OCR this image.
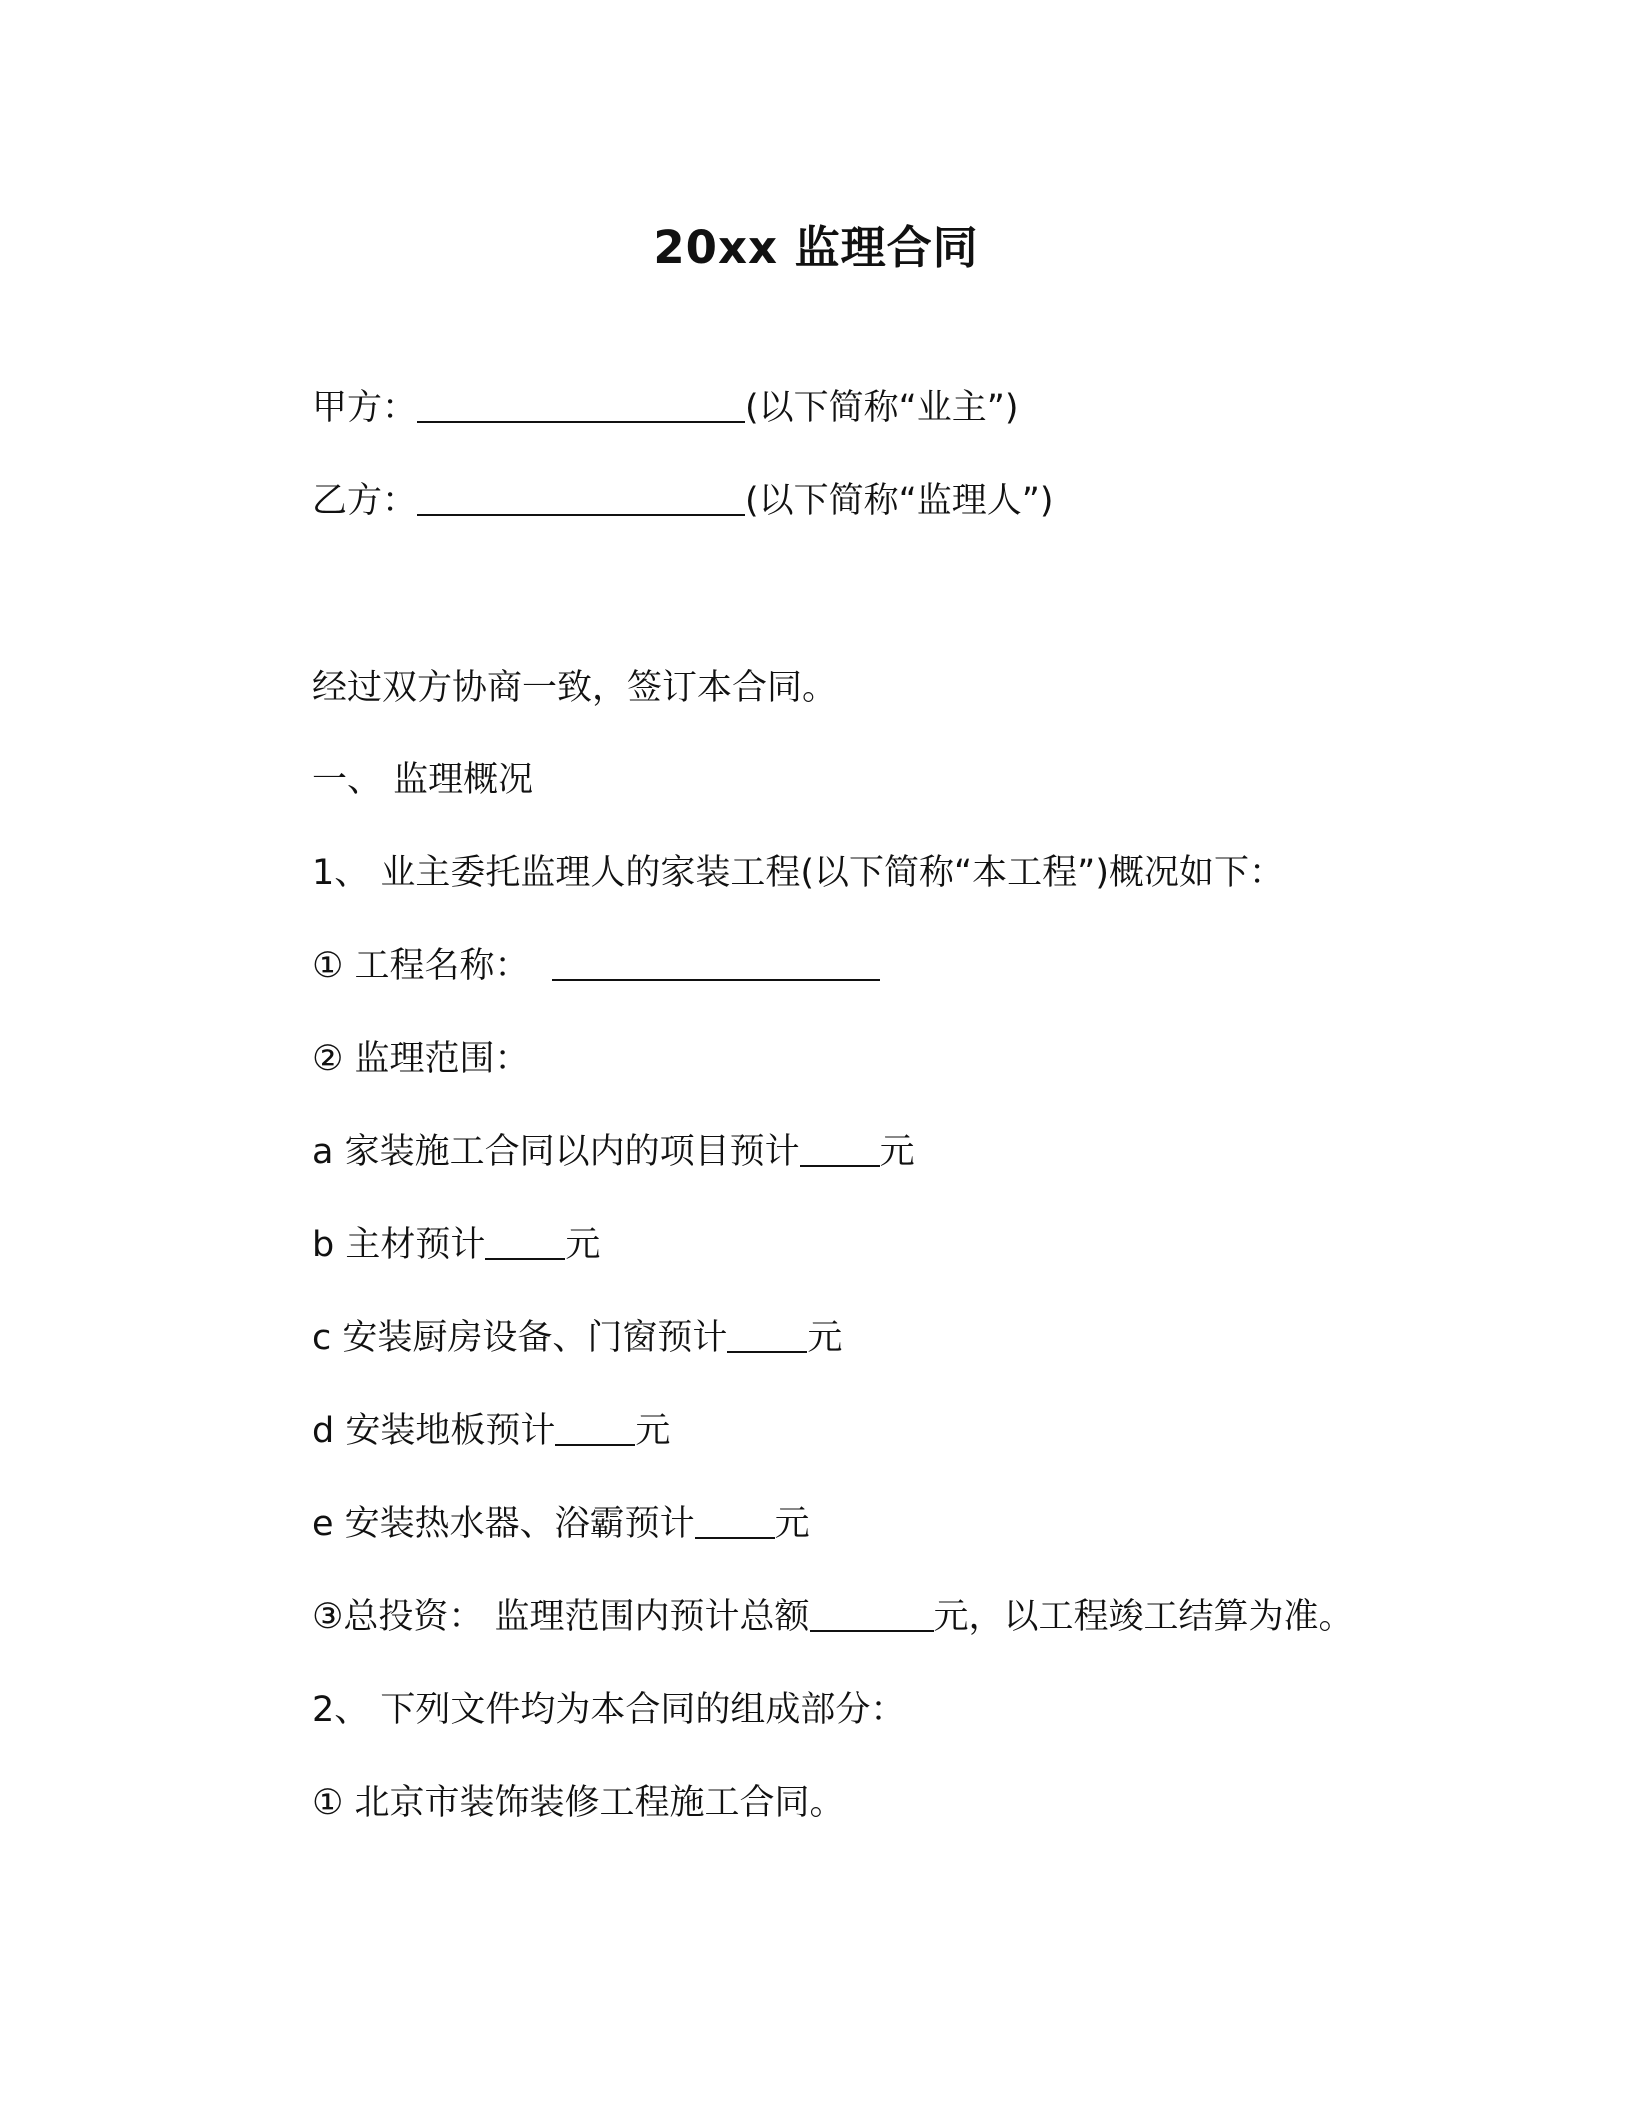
20xx 监理合同
甲方：	(以下简称“业主”)
乙方：	(以下简称“监理人”)
经过双方协商一致，签订本合同。
一、 监理概况
1、 业主委托监理人的家装工程(以下简称“本工程”)概况如下：
① 工程名称：
② 监理范围：
a 家装施工合同以内的项目预计 元
b 主材预计 元
c 安装厨房设备、门窗预计 元
d 安装地板预计 元
e 安装热水器、浴霸预计 元
③总投资： 监理范围内预计总额	元，以工程竣工结算为准。
2、 下列文件均为本合同的组成部分：
① 北京市装饰装修工程施工合同。
